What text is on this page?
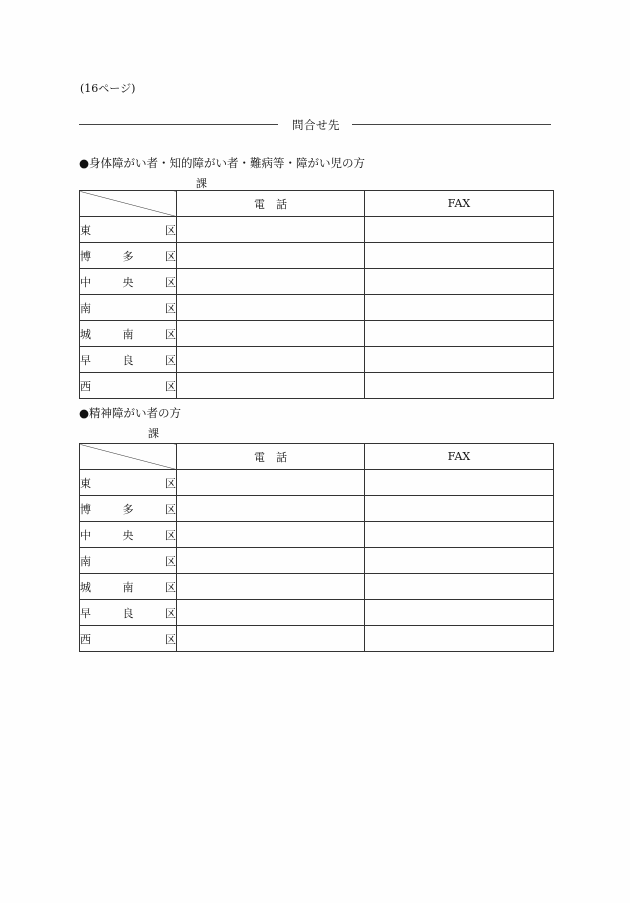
(16ページ)
問合せ先
●身体障がい者・知的障がい者・難病等・障がい児の方
課
	電　話	FAX

東 区		

博 多 区		

中 央 区		

南 区		

城 南 区		

早 良 区		

西 区		

●精神障がい者の方
課
	電　話	FAX

東 区		

博 多 区		

中 央 区		

南 区		

城 南 区		

早 良 区		

西 区		
